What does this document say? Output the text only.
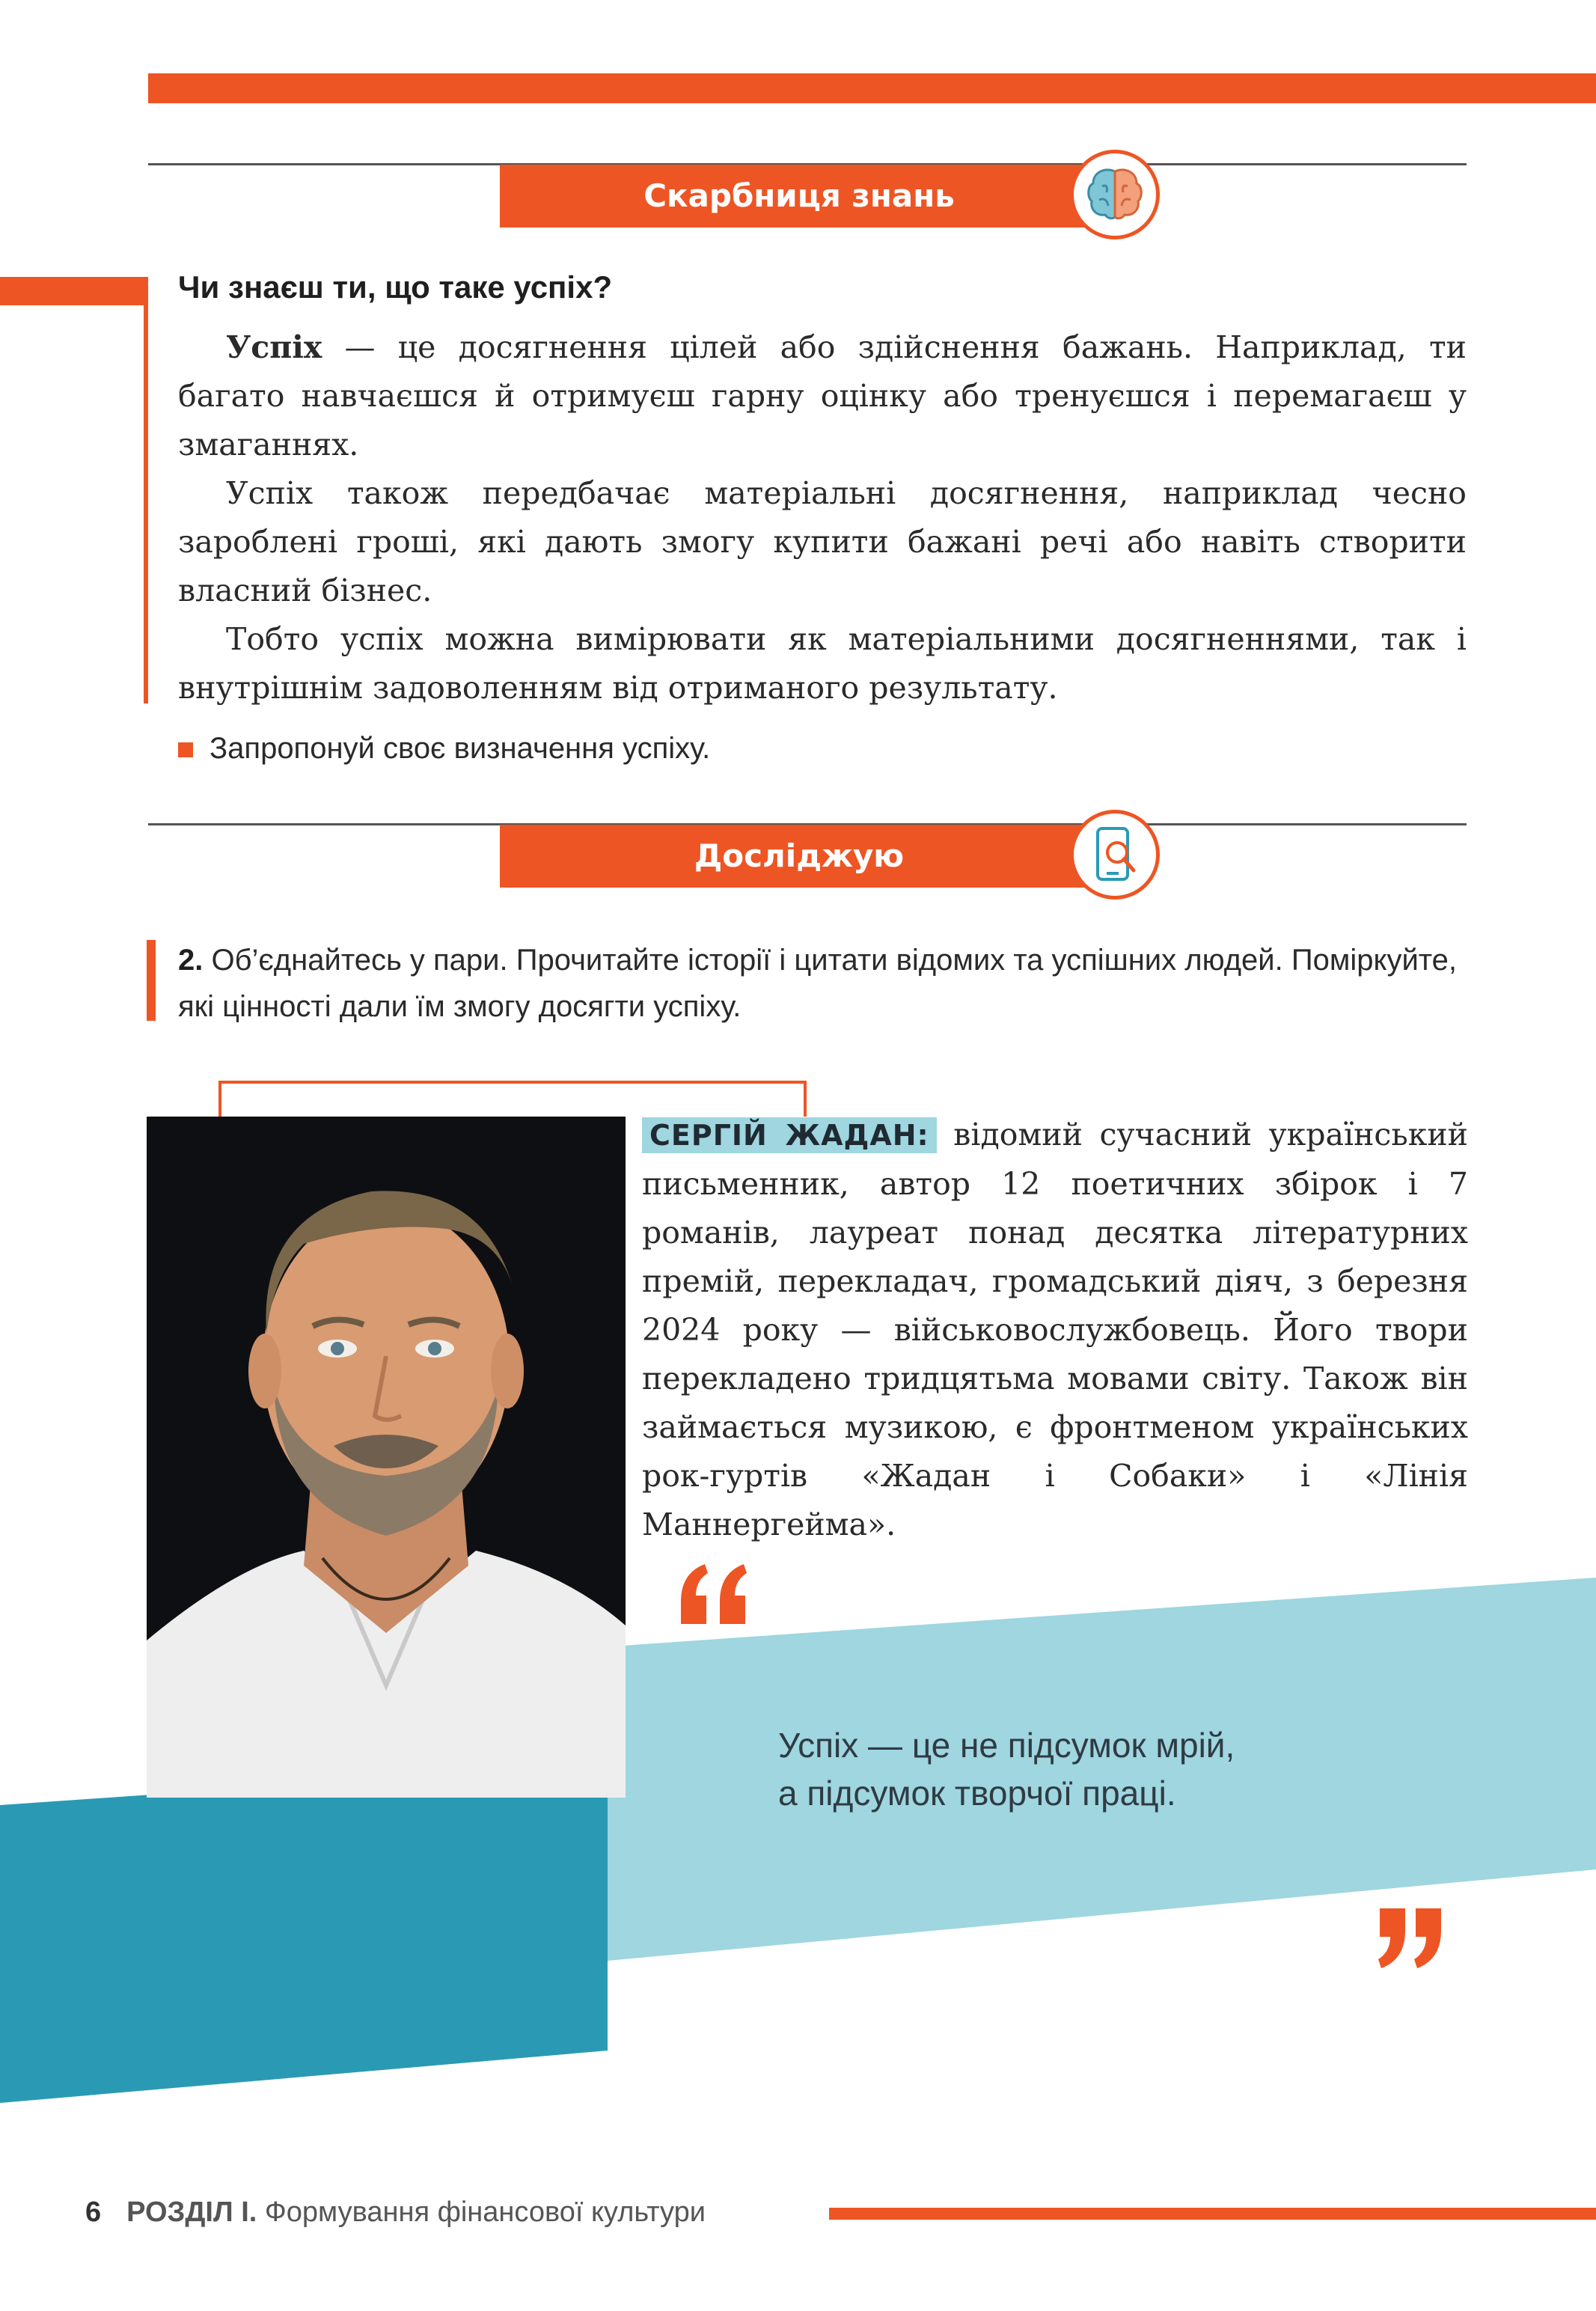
Скарбниця знань
Чи знаєш ти, що таке успіх?

Успіх — це досягнення цілей або здійснення бажань. Наприклад, ти багато навчаєшся й отримуєш гарну оцінку або тренуєшся і перемагаєш у змаганнях.

Успіх також передбачає матеріальні досягнення, наприклад чесно зароблені гроші, які дають змогу купити бажані речі або навіть створити власний бізнес.

Тобто успіх можна вимірювати як матеріальними досягненнями, так і внутрішнім задоволенням від отриманого результату.

Запропонуй своє визначення успіху.
Досліджую
2. Об’єднайтесь у пари. Прочитайте історії і цитати відомих та успішних людей. Поміркуйте, які цінності дали їм змогу досягти успіху.

СЕРГІЙ ЖАДАН: відомий сучасний український письменник, автор 12 поетичних збірок і 7 романів, лауреат понад десятка літературних премій, перекладач, громадський діяч, з березня 2024 року — військовослужбовець. Його твори перекладено тридцятьма мовами світу. Також він займається музикою, є фронтменом українських рок-гуртів «Жадан і Собаки» і «Лінія Маннергейма».

Успіх — це не підсумок мрій,
а підсумок творчої праці.
6 РОЗДІЛ І. Формування фінансової культури
